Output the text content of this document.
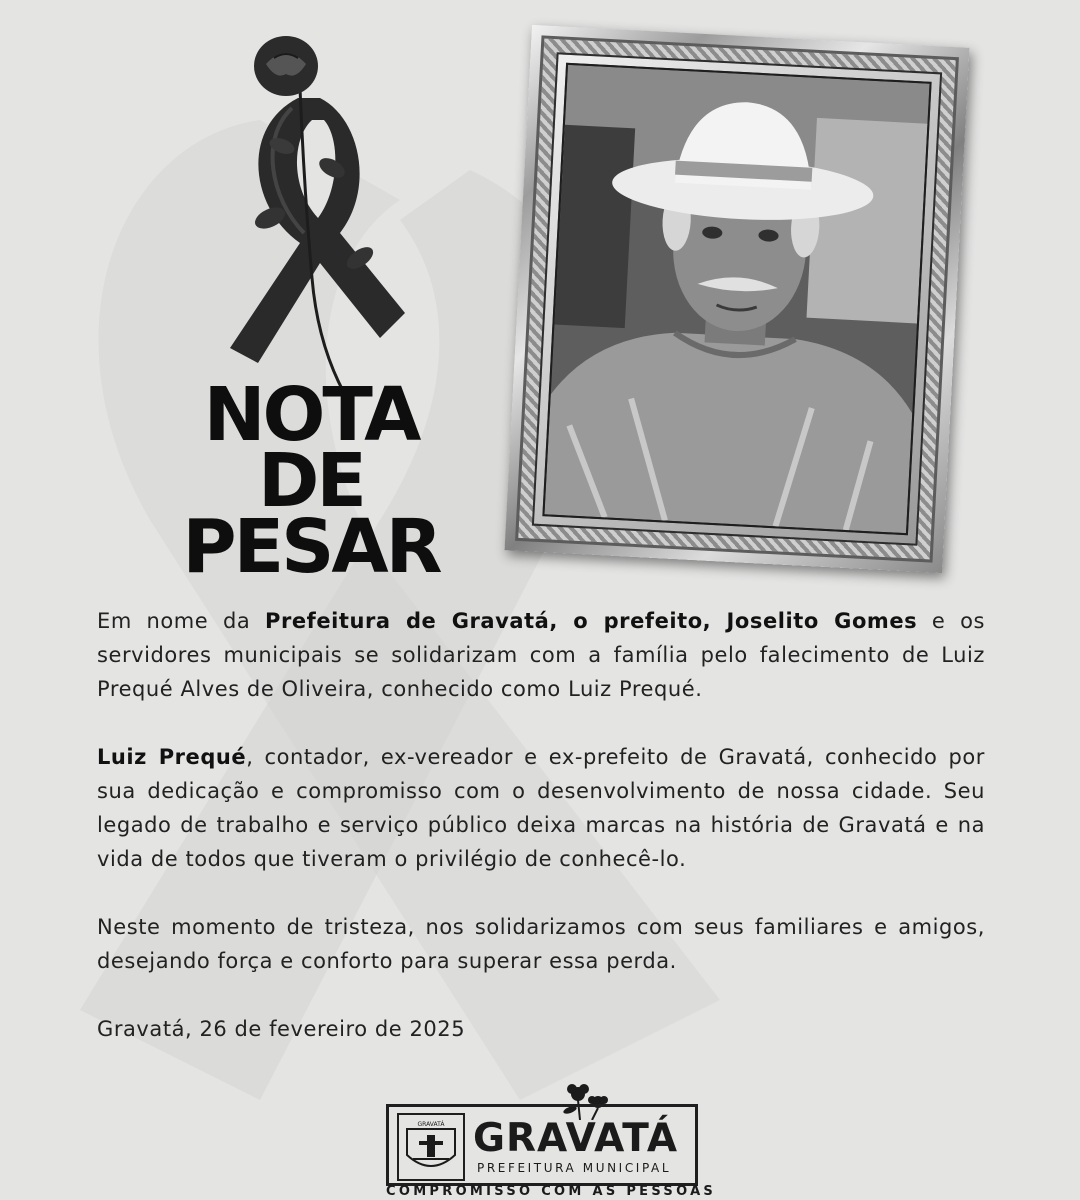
NOTA DE
PESAR

Em nome da Prefeitura de Gravatá, o prefeito, Joselito Gomes e os servidores municipais se solidarizam com a família pelo falecimento de Luiz Prequé Alves de Oliveira, conhecido como Luiz Prequé.

Luiz Prequé, contador, ex-vereador e ex-prefeito de Gravatá, conhecido por sua dedicação e compromisso com o desenvolvimento de nossa cidade. Seu legado de trabalho e serviço público deixa marcas na história de Gravatá e na vida de todos que tiveram o privilégio de conhecê-lo.

Neste momento de tristeza, nos solidarizamos com seus familiares e amigos, desejando força e conforto para superar essa perda.

Gravatá, 26 de fevereiro de 2025

GRAVATÁ GRAVATÁ
PREFEITURA MUNICIPAL
COMPROMISSO COM AS PESSOAS
